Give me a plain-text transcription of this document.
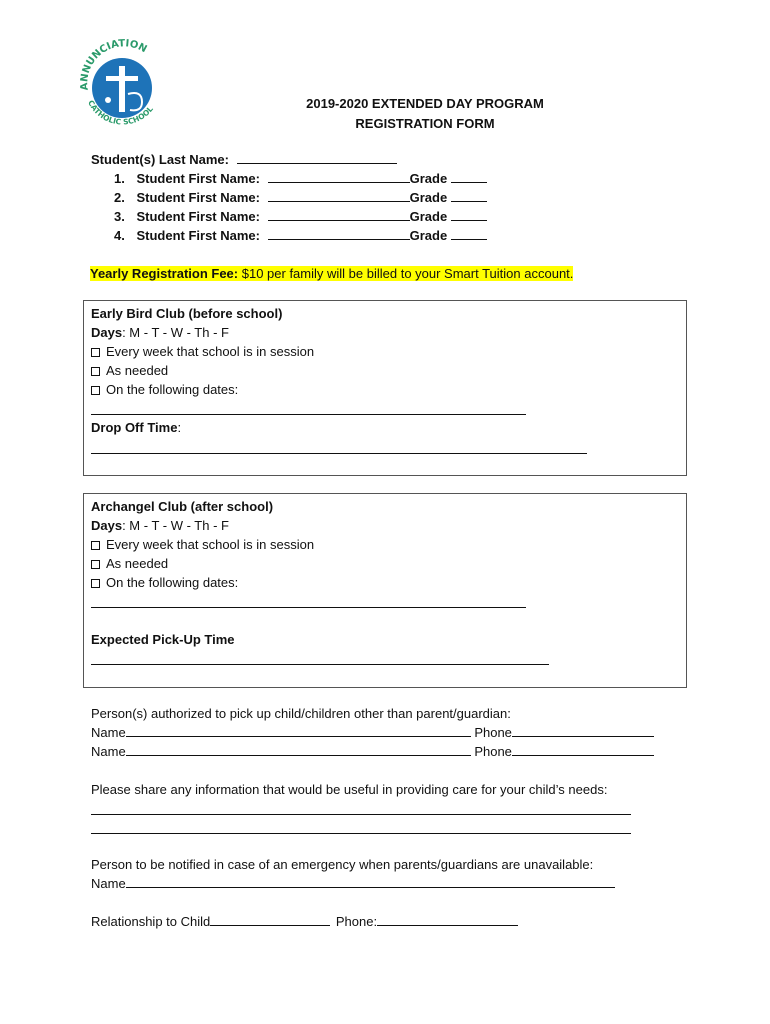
ANNUNCIATION
CATHOLIC SCHOOL	2019-2020 EXTENDED DAY PROGRAM
REGISTRATION FORM
Student(s) Last Name:
1. Student First Name:	Grade
2. Student First Name:	Grade
3. Student First Name:	Grade
4. Student First Name:	Grade
Yearly Registration Fee: $10 per family will be billed to your Smart Tuition account.
Early Bird Club (before school)
Days: M - T - W - Th - F
Every week that school is in session
As needed
On the following dates:
Drop Off Time:
Archangel Club (after school)
Days: M - T - W - Th - F
Every week that school is in session
As needed
On the following dates:
Expected Pick-Up Time
Person(s) authorized to pick up child/children other than parent/guardian:
Name	Phone
Name	Phone
Please share any information that would be useful in providing care for your child’s needs:
Person to be notified in case of an emergency when parents/guardians are unavailable:
Name
Relationship to Child	Phone:
